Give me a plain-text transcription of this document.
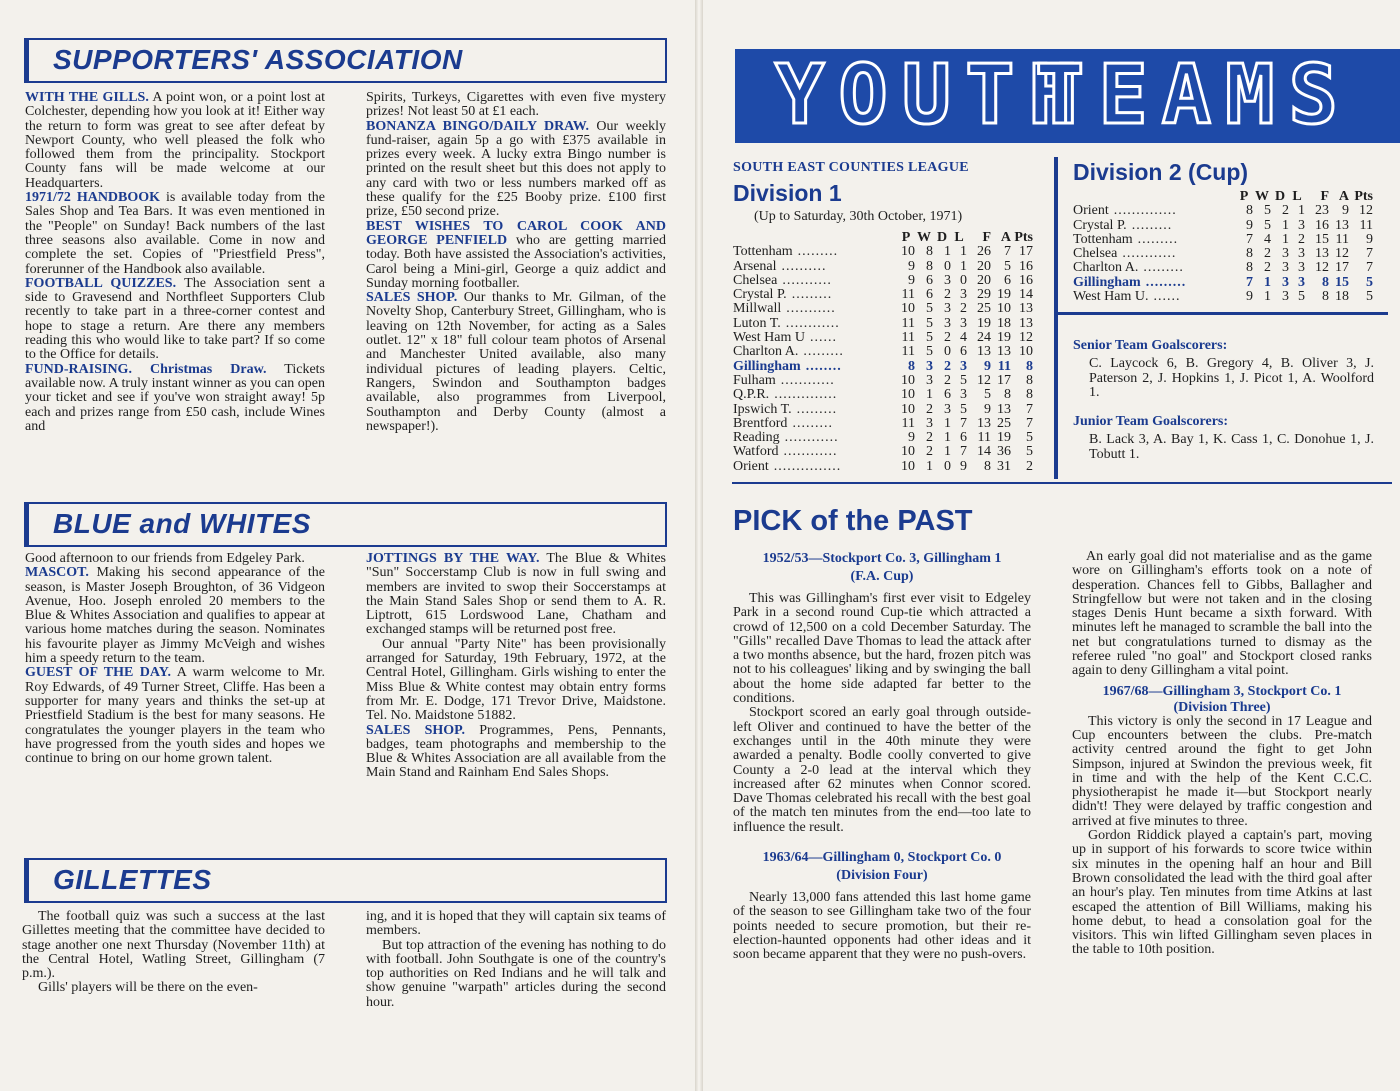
SUPPORTERS' ASSOCIATION

WITH THE GILLS. A point won, or a point lost at Colchester, depending how you look at it! Either way the return to form was great to see after defeat by Newport County, who well pleased the folk who followed them from the principality. Stockport County fans will be made welcome at our Headquarters.

1971/72 HANDBOOK is available today from the Sales Shop and Tea Bars. It was even mentioned in the "People" on Sunday! Back numbers of the last three seasons also available. Come in now and complete the set. Copies of "Priestfield Press", forerunner of the Handbook also available.

FOOTBALL QUIZZES. The Association sent a side to Gravesend and Northfleet Supporters Club recently to take part in a three-corner contest and hope to stage a return. Are there any members reading this who would like to take part? If so come to the Office for details.

FUND-RAISING. Christmas Draw. Tickets available now. A truly instant winner as you can open your ticket and see if you've won straight away! 5p each and prizes range from £50 cash, include Wines and

Spirits, Turkeys, Cigarettes with even five mystery prizes! Not least 50 at £1 each.

BONANZA BINGO/DAILY DRAW. Our weekly fund-raiser, again 5p a go with £375 available in prizes every week. A lucky extra Bingo number is printed on the result sheet but this does not apply to any card with two or less numbers marked off as these qualify for the £25 Booby prize. £100 first prize, £50 second prize.

BEST WISHES TO CAROL COOK AND GEORGE PENFIELD who are getting married today. Both have assisted the Association's activities, Carol being a Mini-girl, George a quiz addict and Sunday morning footballer.

SALES SHOP. Our thanks to Mr. Gilman, of the Novelty Shop, Canterbury Street, Gillingham, who is leaving on 12th November, for acting as a Sales outlet. 12" x 18" full colour team photos of Arsenal and Manchester United available, also many individual pictures of leading players. Celtic, Rangers, Swindon and Southampton badges available, also programmes from Liverpool, Southampton and Derby County (almost a newspaper!).

BLUE and WHITES

Good afternoon to our friends from Edgeley Park.

MASCOT. Making his second appearance of the season, is Master Joseph Broughton, of 36 Vidgeon Avenue, Hoo. Joseph enroled 20 members to the Blue & Whites Association and qualifies to appear at various home matches during the season. Nominates his favourite player as Jimmy McVeigh and wishes him a speedy return to the team.

GUEST OF THE DAY. A warm welcome to Mr. Roy Edwards, of 49 Turner Street, Cliffe. Has been a supporter for many years and thinks the set-up at Priestfield Stadium is the best for many seasons. He congratulates the younger players in the team who have progressed from the youth sides and hopes we continue to bring on our home grown talent.

JOTTINGS BY THE WAY. The Blue & Whites "Sun" Soccerstamp Club is now in full swing and members are invited to swop their Soccerstamps at the Main Stand Sales Shop or send them to A. R. Liptrott, 615 Lordswood Lane, Chatham and exchanged stamps will be returned post free.

Our annual "Party Nite" has been provisionally arranged for Saturday, 19th February, 1972, at the Central Hotel, Gillingham. Girls wishing to enter the Miss Blue & White contest may obtain entry forms from Mr. E. Dodge, 171 Trevor Drive, Maidstone. Tel. No. Maidstone 51882.

SALES SHOP. Programmes, Pens, Pennants, badges, team photographs and membership to the Blue & Whites Association are all available from the Main Stand and Rainham End Sales Shops.

GILLETTES

The football quiz was such a success at the last Gillettes meeting that the committee have decided to stage another one next Thursday (November 11th) at the Central Hotel, Watling Street, Gillingham (7 p.m.).

Gills' players will be there on the even-

ing, and it is hoped that they will captain six teams of members.

But top attraction of the evening has nothing to do with football. John Southgate is one of the country's top authorities on Red Indians and he will talk and show genuine "warpath" articles during the second hour.

YOUTH
TEAMS
SOUTH EAST COUNTIES LEAGUE
Division 1
(Up to Saturday, 30th October, 1971)
	P	W	D	L	F	A	Pts
Tottenham .........	10	8	1	1	26	7	17
Arsenal ..........	9	8	0	1	20	5	16
Chelsea ...........	9	6	3	0	20	6	16
Crystal P. .........	11	6	2	3	29	19	14
Millwall ...........	10	5	3	2	25	10	13
Luton T. ............	11	5	3	3	19	18	13
West Ham U ......	11	5	2	4	24	19	12
Charlton A. .........	11	5	0	6	13	13	10
Gillingham ........	8	3	2	3	9	11	8
Fulham ............	10	3	2	5	12	17	8
Q.P.R. ..............	10	1	6	3	5	8	8
Ipswich T. .........	10	2	3	5	9	13	7
Brentford .........	11	3	1	7	13	25	7
Reading ............	9	2	1	6	11	19	5
Watford ............	10	2	1	7	14	36	5
Orient ...............	10	1	0	9	8	31	2
Division 2 (Cup)
	P	W	D	L	F	A	Pts
Orient ..............	8	5	2	1	23	9	12
Crystal P. .........	9	5	1	3	16	13	11
Tottenham .........	7	4	1	2	15	11	9
Chelsea ............	8	2	3	3	13	12	7
Charlton A. .........	8	2	3	3	12	17	7
Gillingham .........	7	1	3	3	8	15	5
West Ham U. ......	9	1	3	5	8	18	5
Senior Team Goalscorers:
C. Laycock 6, B. Gregory 4, B. Oliver 3, J. Paterson 2, J. Hopkins 1, J. Picot 1, A. Woolford 1.
Junior Team Goalscorers:
B. Lack 3, A. Bay 1, K. Cass 1, C. Donohue 1, J. Tobutt 1.
PICK of the PAST
1952/53—Stockport Co. 3, Gillingham 1
(F.A. Cup)

This was Gillingham's first ever visit to Edgeley Park in a second round Cup-tie which attracted a crowd of 12,500 on a cold December Saturday. The "Gills" recalled Dave Thomas to lead the attack after a two months absence, but the hard, frozen pitch was not to his colleagues' liking and by swinging the ball about the home side adapted far better to the conditions.

Stockport scored an early goal through outside-left Oliver and continued to have the better of the exchanges until in the 40th minute they were awarded a penalty. Bodle coolly converted to give County a 2-0 lead at the interval which they increased after 62 minutes when Connor scored. Dave Thomas celebrated his recall with the best goal of the match ten minutes from the end—too late to influence the result.

1963/64—Gillingham 0, Stockport Co. 0
(Division Four)

Nearly 13,000 fans attended this last home game of the season to see Gillingham take two of the four points needed to secure promotion, but their re-election-haunted opponents had other ideas and it soon became apparent that they were no push-overs.

An early goal did not materialise and as the game wore on Gillingham's efforts took on a note of desperation. Chances fell to Gibbs, Ballagher and Stringfellow but were not taken and in the closing stages Denis Hunt became a sixth forward. With minutes left he managed to scramble the ball into the net but congratulations turned to dismay as the referee ruled "no goal" and Stockport closed ranks again to deny Gillingham a vital point.

1967/68—Gillingham 3, Stockport Co. 1
(Division Three)

This victory is only the second in 17 League and Cup encounters between the clubs. Pre-match activity centred around the fight to get John Simpson, injured at Swindon the previous week, fit in time and with the help of the Kent C.C.C. physiotherapist he made it—but Stockport nearly didn't! They were delayed by traffic congestion and arrived at five minutes to three.

Gordon Riddick played a captain's part, moving up in support of his forwards to score twice within six minutes in the opening half an hour and Bill Brown consolidated the lead with the third goal after an hour's play. Ten minutes from time Atkins at last escaped the attention of Bill Williams, making his home debut, to head a consolation goal for the visitors. This win lifted Gillingham seven places in the table to 10th position.
